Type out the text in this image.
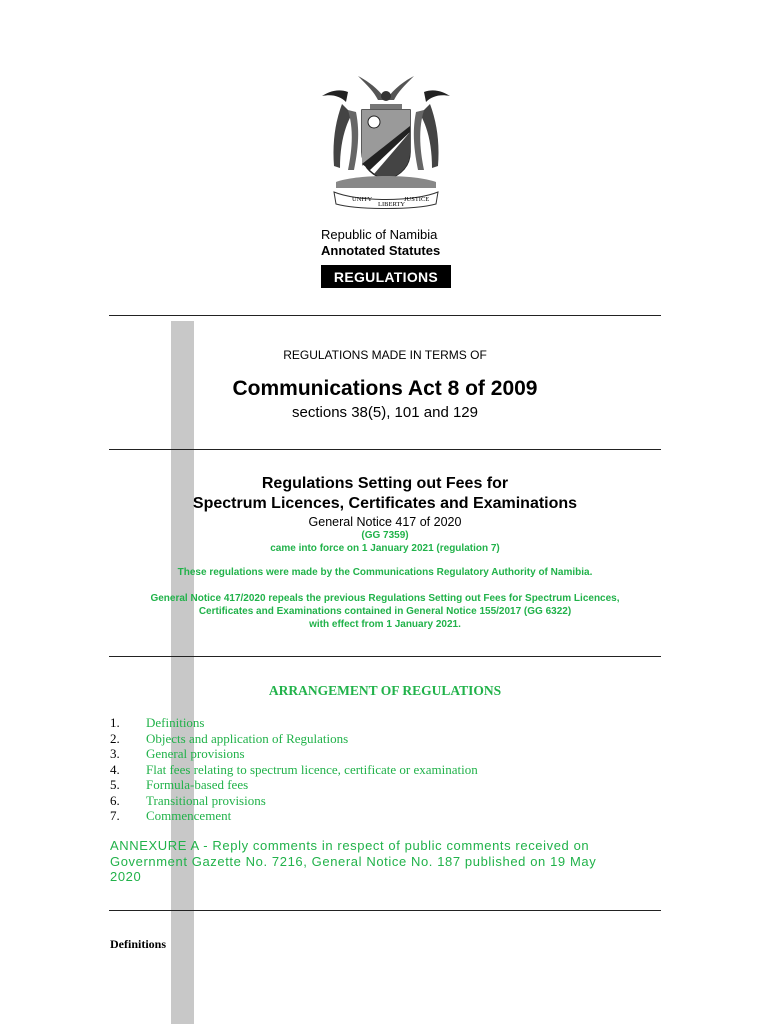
UNITY
LIBERTY
JUSTICE
Republic of Namibia
Annotated Statutes
REGULATIONS
REGULATIONS MADE IN TERMS OF
Communications Act 8 of 2009
sections 38(5), 101 and 129
Regulations Setting out Fees for
Spectrum Licences, Certificates and Examinations
General Notice 417 of 2020
(GG 7359)
came into force on 1 January 2021 (regulation 7)
These regulations were made by the Communications Regulatory Authority of Namibia.
General Notice 417/2020 repeals the previous Regulations Setting out Fees for Spectrum Licences,
Certificates and Examinations contained in General Notice 155/2017 (GG 6322)
with effect from 1 January 2021.
ARRANGEMENT OF REGULATIONS
1.	Definitions
2.	Objects and application of Regulations
3.	General provisions
4.	Flat fees relating to spectrum licence, certificate or examination
5.	Formula-based fees
6.	Transitional provisions
7.	Commencement
ANNEXURE A - Reply comments in respect of public comments received on
Government Gazette No. 7216, General Notice No. 187 published on 19 May
2020
Definitions
